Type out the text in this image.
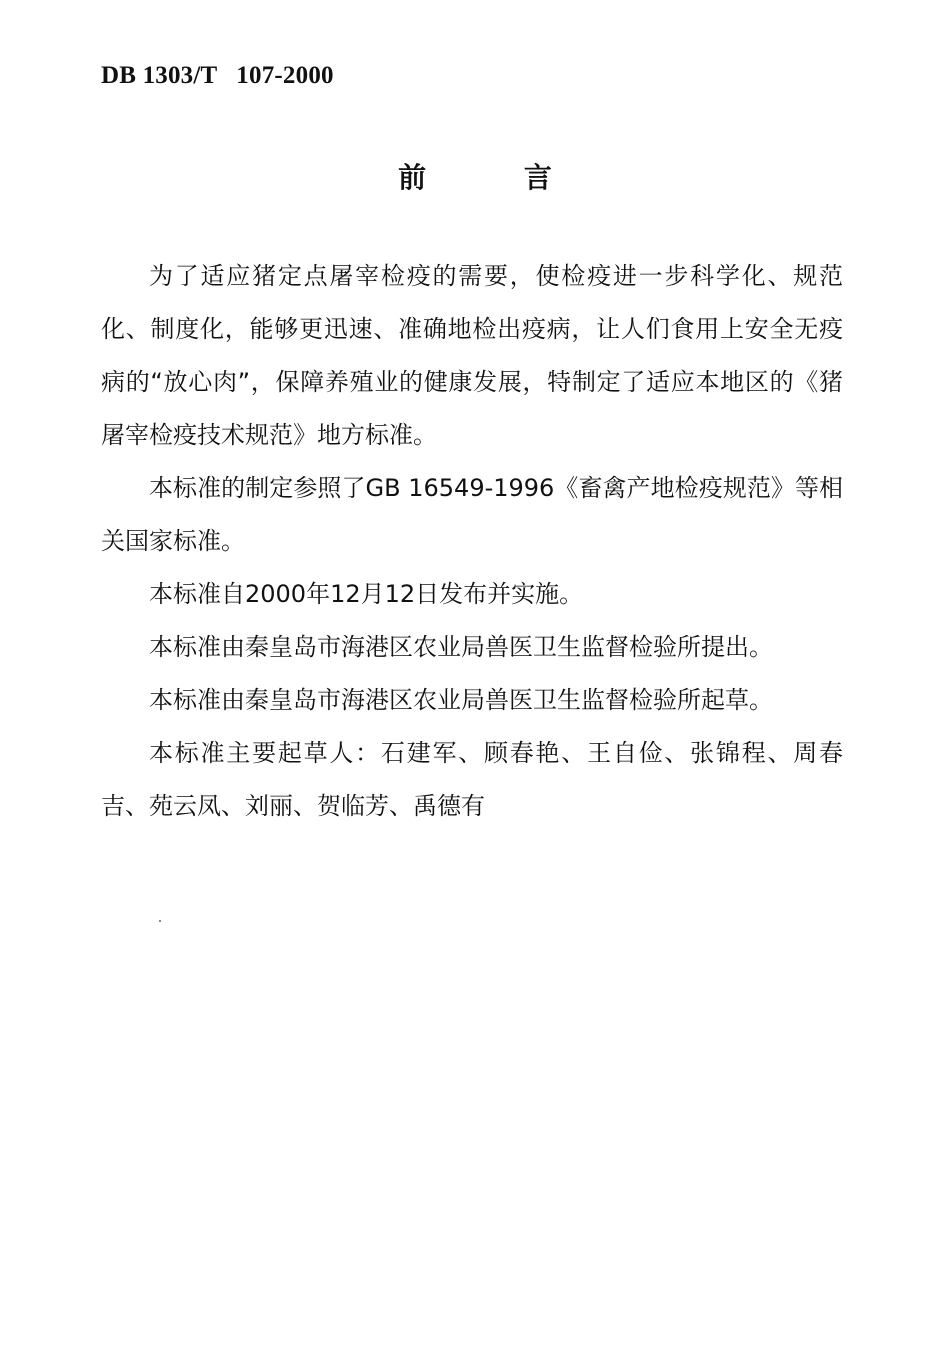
DB 1303/T   107-2000
前 言

为了适应猪定点屠宰检疫的需要，使检疫进一步科学化、规范化、制度化，能够更迅速、准确地检出疫病，让人们食用上安全无疫病的“放心肉”，保障养殖业的健康发展，特制定了适应本地区的《猪屠宰检疫技术规范》地方标准。

本标准的制定参照了GB 16549-1996《畜禽产地检疫规范》等相关国家标准。

本标准自2000年12月12日发布并实施。

本标准由秦皇岛市海港区农业局兽医卫生监督检验所提出。

本标准由秦皇岛市海港区农业局兽医卫生监督检验所起草。

本标准主要起草人：石建军、顾春艳、王自俭、张锦程、周春吉、苑云凤、刘丽、贺临芳、禹德有
